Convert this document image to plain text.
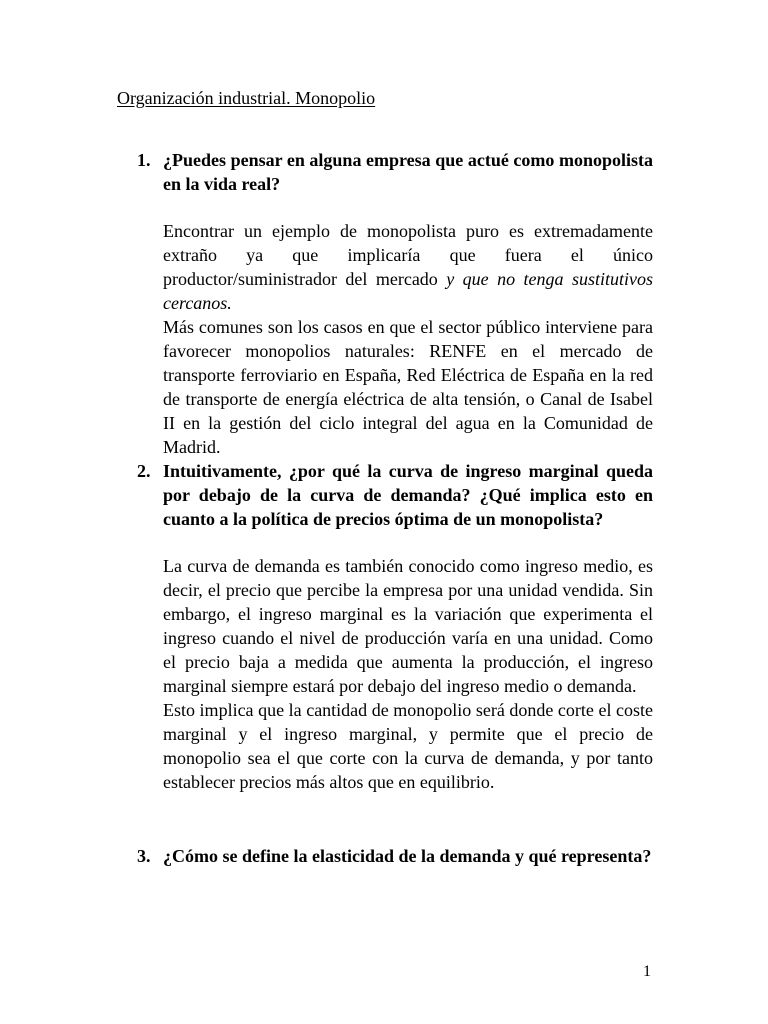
Organización industrial. Monopolio
1. ¿Puedes pensar en alguna empresa que actué como monopolista en la vida real?

Encontrar un ejemplo de monopolista puro es extremadamente extraño ya que implicaría que fuera el único productor/suministrador del mercado y que no tenga sustitutivos cercanos.

Más comunes son los casos en que el sector público interviene para favorecer monopolios naturales: RENFE en el mercado de transporte ferroviario en España, Red Eléctrica de España en la red de transporte de energía eléctrica de alta tensión, o Canal de Isabel II en la gestión del ciclo integral del agua en la Comunidad de Madrid.

2. Intuitivamente, ¿por qué la curva de ingreso marginal queda por debajo de la curva de demanda? ¿Qué implica esto en cuanto a la política de precios óptima de un monopolista?

La curva de demanda es también conocido como ingreso medio, es decir, el precio que percibe la empresa por una unidad vendida. Sin embargo, el ingreso marginal es la variación que experimenta el ingreso cuando el nivel de producción varía en una unidad. Como el precio baja a medida que aumenta la producción, el ingreso marginal siempre estará por debajo del ingreso medio o demanda.

Esto implica que la cantidad de monopolio será donde corte el coste marginal y el ingreso marginal, y permite que el precio de monopolio sea el que corte con la curva de demanda, y por tanto establecer precios más altos que en equilibrio.

3. ¿Cómo se define la elasticidad de la demanda y qué representa?

1
